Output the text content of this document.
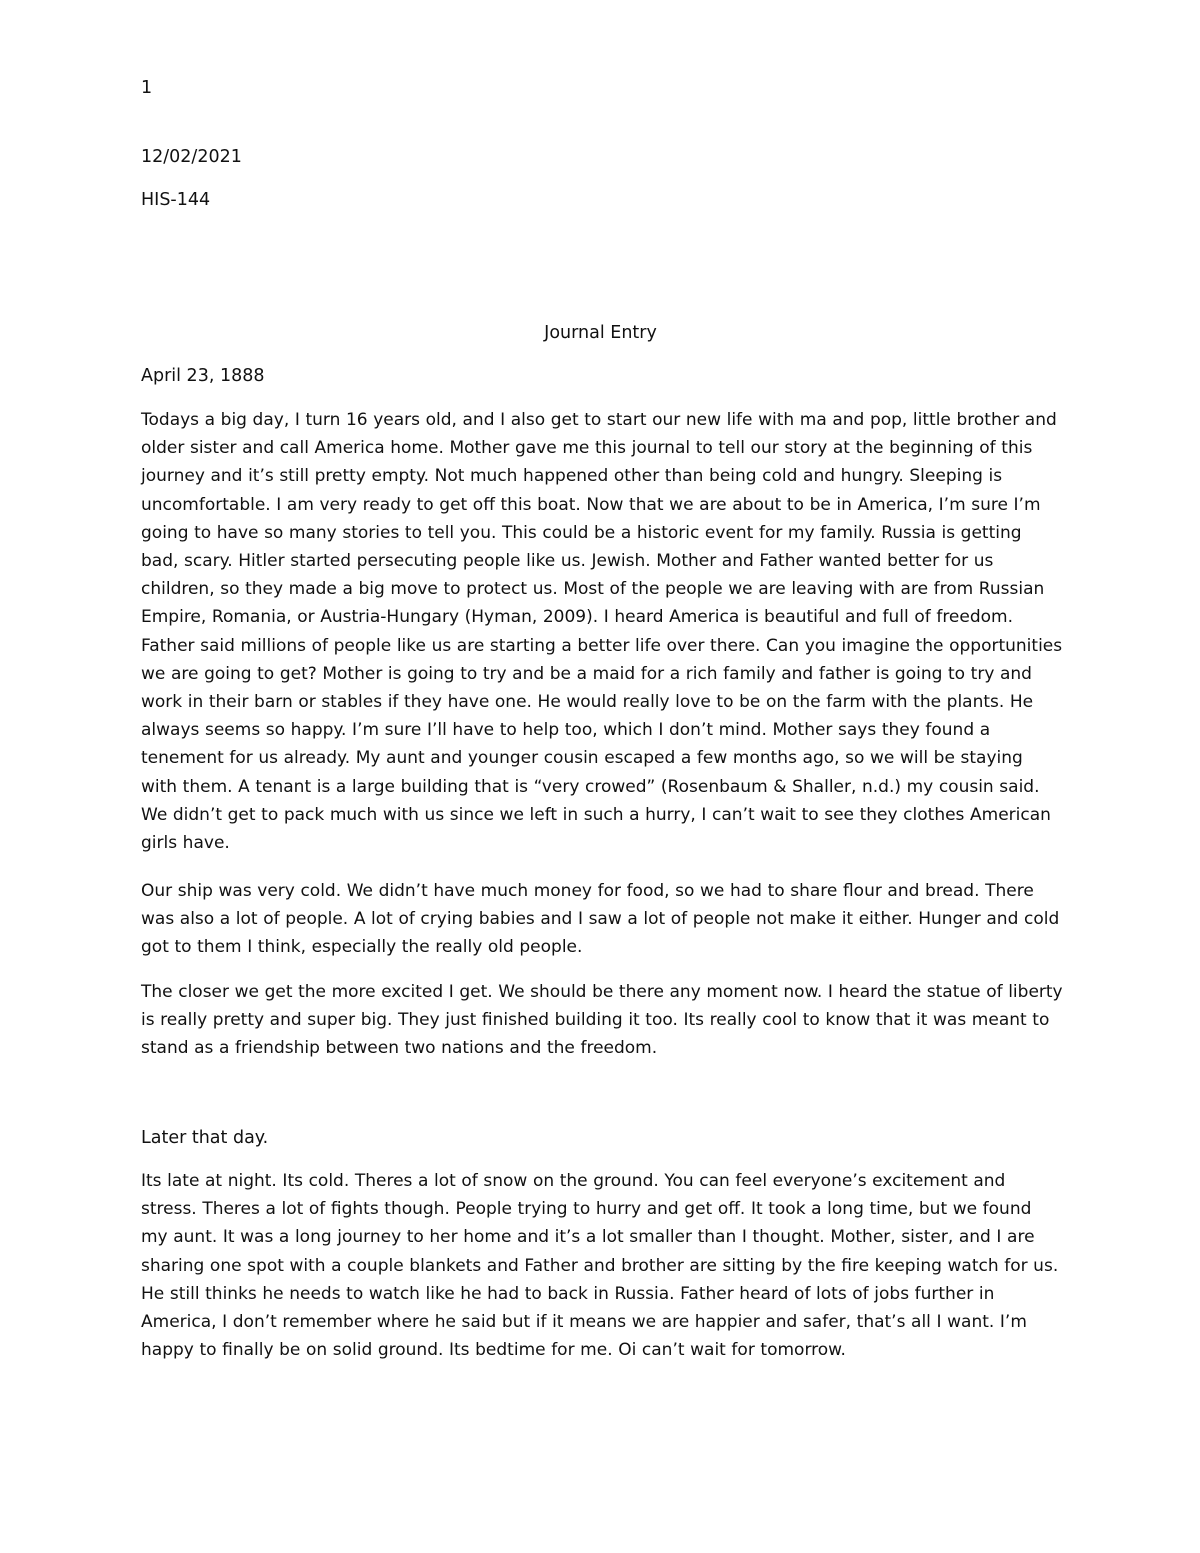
1
12/02/2021
HIS-144
Journal Entry
April 23, 1888
Todays a big day, I turn 16 years old, and I also get to start our new life with ma and pop, little brother and older sister and call America home. Mother gave me this journal to tell our story at the beginning of this journey and it’s still pretty empty. Not much happened other than being cold and hungry. Sleeping is uncomfortable. I am very ready to get off this boat. Now that we are about to be in America, I’m sure I’m going to have so many stories to tell you. This could be a historic event for my family. Russia is getting bad, scary. Hitler started persecuting people like us. Jewish. Mother and Father wanted better for us children, so they made a big move to protect us. Most of the people we are leaving with are from Russian Empire, Romania, or Austria-Hungary (Hyman, 2009). I heard America is beautiful and full of freedom. Father said millions of people like us are starting a better life over there. Can you imagine the opportunities we are going to get? Mother is going to try and be a maid for a rich family and father is going to try and work in their barn or stables if they have one. He would really love to be on the farm with the plants. He always seems so happy. I’m sure I’ll have to help too, which I don’t mind. Mother says they found a tenement for us already. My aunt and younger cousin escaped a few months ago, so we will be staying with them. A tenant is a large building that is “very crowed” (Rosenbaum & Shaller, n.d.) my cousin said. We didn’t get to pack much with us since we left in such a hurry, I can’t wait to see they clothes American girls have.
Our ship was very cold. We didn’t have much money for food, so we had to share flour and bread. There was also a lot of people. A lot of crying babies and I saw a lot of people not make it either. Hunger and cold got to them I think, especially the really old people.
The closer we get the more excited I get. We should be there any moment now. I heard the statue of liberty is really pretty and super big. They just finished building it too. Its really cool to know that it was meant to stand as a friendship between two nations and the freedom.
Later that day.
Its late at night. Its cold. Theres a lot of snow on the ground. You can feel everyone’s excitement and stress. Theres a lot of fights though. People trying to hurry and get off. It took a long time, but we found my aunt. It was a long journey to her home and it’s a lot smaller than I thought. Mother, sister, and I are sharing one spot with a couple blankets and Father and brother are sitting by the fire keeping watch for us. He still thinks he needs to watch like he had to back in Russia. Father heard of lots of jobs further in America, I don’t remember where he said but if it means we are happier and safer, that’s all I want. I’m happy to finally be on solid ground. Its bedtime for me. Oi can’t wait for tomorrow.
